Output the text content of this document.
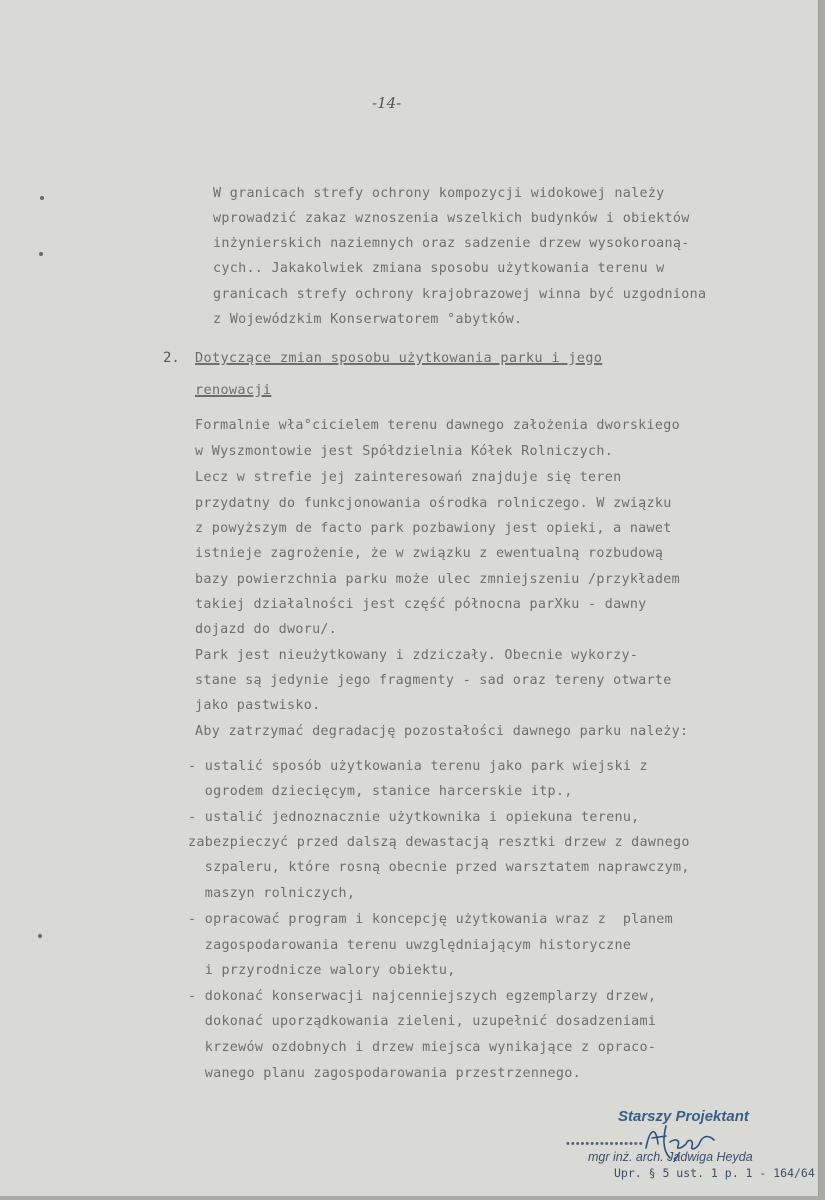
-14-
W granicach strefy ochrony kompozycji widokowej należy
wprowadzić zakaz wznoszenia wszelkich budynków i obiektów
inżynierskich naziemnych oraz sadzenie drzew wysokoroaną-
cych.. Jakakolwiek zmiana sposobu użytkowania terenu w
granicach strefy ochrony krajobrazowej winna być uzgodniona
z Wojewódzkim Konserwatorem °abytków.
2. Dotyczące zmian sposobu użytkowania parku i jego
renowacji
Formalnie wła°cicielem terenu dawnego założenia dworskiego
w Wyszmontowie jest Spółdzielnia Kółek Rolniczych.
Lecz w strefie jej zainteresowań znajduje się teren
przydatny do funkcjonowania ośrodka rolniczego. W związku
z powyższym de facto park pozbawiony jest opieki, a nawet
istnieje zagrożenie, że w związku z ewentualną rozbudową
bazy powierzchnia parku może ulec zmniejszeniu /przykładem
takiej działalności jest część północna parXku - dawny
dojazd do dworu/.
Park jest nieużytkowany i zdziczały. Obecnie wykorzy-
stane są jedynie jego fragmenty - sad oraz tereny otwarte
jako pastwisko.
Aby zatrzymać degradację pozostałości dawnego parku należy:
- ustalić sposób użytkowania terenu jako park wiejski z
ogrodem dziecięcym, stanice harcerskie itp.,
- ustalić jednoznacznie użytkownika i opiekuna terenu,
zabezpieczyć przed dalszą dewastacją resztki drzew z dawnego
szpaleru, które rosną obecnie przed warsztatem naprawczym,
maszyn rolniczych,
- opracować program i koncepcję użytkowania wraz z  planem
zagospodarowania terenu uwzględniającym historyczne
i przyrodnicze walory obiektu,
- dokonać konserwacji najcenniejszych egzemplarzy drzew,
dokonać uporządkowania zieleni, uzupełnić dosadzeniami
krzewów ozdobnych i drzew miejsca wynikające z opraco-
wanego planu zagospodarowania przestrzennego.
Starszy Projektant
••••••••••••••••
mgr inż. arch. Jadwiga Heyda
Upr. § 5 ust. 1 p. 1 - 164/64
